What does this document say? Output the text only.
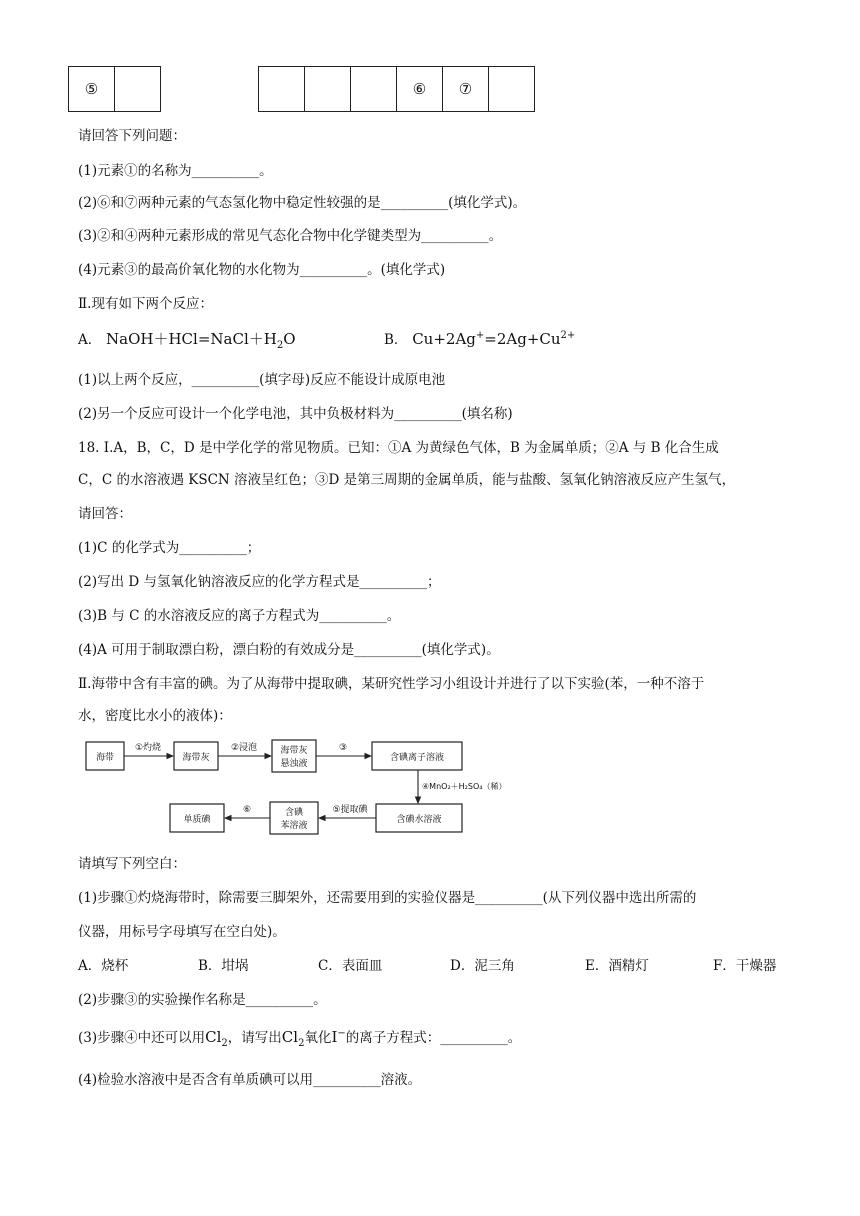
⑤						⑥	⑦	
请回答下列问题：
(1)元素①的名称为__________。
(2)⑥和⑦两种元素的气态氢化物中稳定性较强的是__________(填化学式)。
(3)②和④两种元素形成的常见气态化合物中化学键类型为__________。
(4)元素③的最高价氧化物的水化物为__________。(填化学式)
Ⅱ.现有如下两个反应：
A． $NaOH+HCl=NaCl+H_2O$	B． $Cu+2Ag^+=2Ag+Cu^{2+}$
(1)以上两个反应，__________(填字母)反应不能设计成原电池
(2)另一个反应可设计一个化学电池，其中负极材料为__________(填名称)
18. I.A，B，C，D 是中学化学的常见物质。已知：①A 为黄绿色气体，B 为金属单质；②A 与 B 化合生成
C，C 的水溶液遇 KSCN 溶液呈红色；③D 是第三周期的金属单质，能与盐酸、氢氧化钠溶液反应产生氢气，
请回答：
(1)C 的化学式为__________；
(2)写出 D 与氢氧化钠溶液反应的化学方程式是__________；
(3)B 与 C 的水溶液反应的离子方程式为__________。
(4)A 可用于制取漂白粉，漂白粉的有效成分是__________(填化学式)。
Ⅱ.海带中含有丰富的碘。为了从海带中提取碘，某研究性学习小组设计并进行了以下实验(苯，一种不溶于
水，密度比水小的液体)：
海带	海带灰
海带灰
悬浊液
含碘离子溶液
含碘水溶液
含碘
苯溶液
单质碘
①灼烧	②浸泡	③
⑤提取碘
⑥
④MnO₂＋H₂SO₄（稀）
请填写下列空白：
(1)步骤①灼烧海带时，除需要三脚架外，还需要用到的实验仪器是__________(从下列仪器中选出所需的
仪器，用标号字母填写在空白处)。
A．烧杯	B．坩埚	C．表面皿	D．泥三角	E．酒精灯	F．干燥器
(2)步骤③的实验操作名称是__________。
(3)步骤④中还可以用$Cl_2$，请写出$Cl_2$氧化I−的离子方程式：__________。
(4)检验水溶液中是否含有单质碘可以用__________溶液。
